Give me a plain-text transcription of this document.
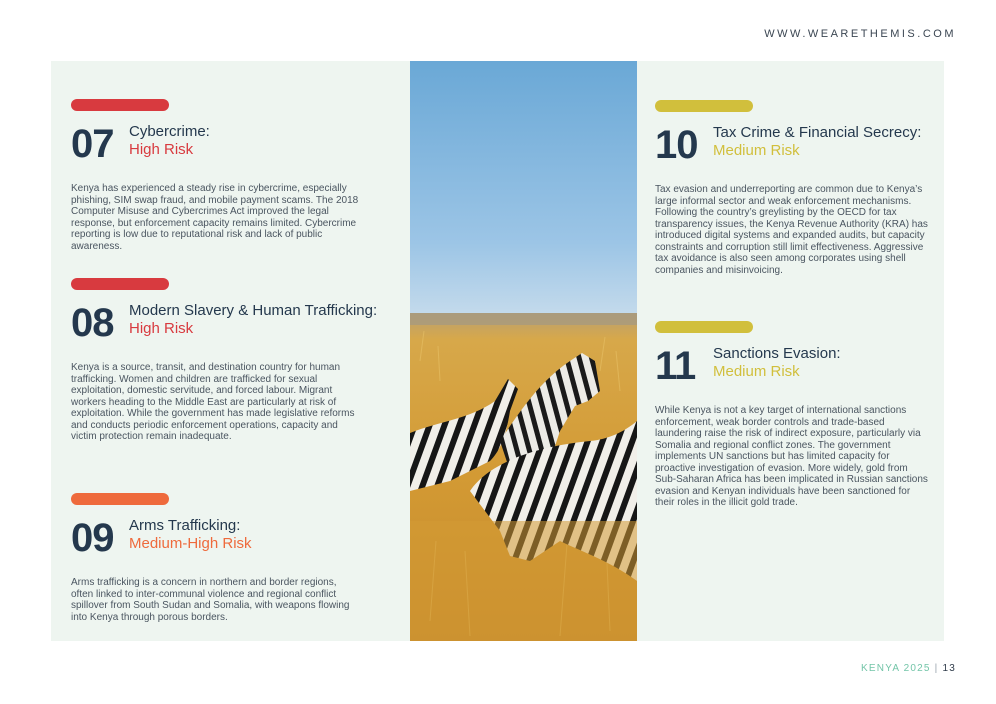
WWW.WEARETHEMIS.COM
07 Cybercrime:
High Risk
Kenya has experienced a steady rise in cybercrime, especially phishing, SIM swap fraud, and mobile payment scams. The 2018 Computer Misuse and Cybercrimes Act improved the legal response, but enforcement capacity remains limited. Cybercrime reporting is low due to reputational risk and lack of public awareness.
08 Modern Slavery & Human Trafficking:
High Risk
Kenya is a source, transit, and destination country for human trafficking. Women and children are trafficked for sexual exploitation, domestic servitude, and forced labour. Migrant workers heading to the Middle East are particularly at risk of exploitation. While the government has made legislative reforms and conducts periodic enforcement operations, capacity and victim protection remain inadequate.
09 Arms Trafficking:
Medium-High Risk
Arms trafficking is a concern in northern and border regions, often linked to inter-communal violence and regional conflict spillover from South Sudan and Somalia, with weapons flowing into Kenya through porous borders.
10 Tax Crime & Financial Secrecy:
Medium Risk
Tax evasion and underreporting are common due to Kenya’s large informal sector and weak enforcement mechanisms. Following the country’s greylisting by the OECD for tax transparency issues, the Kenya Revenue Authority (KRA) has introduced digital systems and expanded audits, but capacity constraints and corruption still limit effectiveness. Aggressive tax avoidance is also seen among corporates using shell companies and misinvoicing.
11 Sanctions Evasion:
Medium Risk
While Kenya is not a key target of international sanctions enforcement, weak border controls and trade-based laundering raise the risk of indirect exposure, particularly via Somalia and regional conflict zones. The government implements UN sanctions but has limited capacity for proactive investigation of evasion. More widely, gold from Sub-Saharan Africa has been implicated in Russian sanctions evasion and Kenyan individuals have been sanctioned for their roles in the illicit gold trade.
KENYA 2025 | 13
